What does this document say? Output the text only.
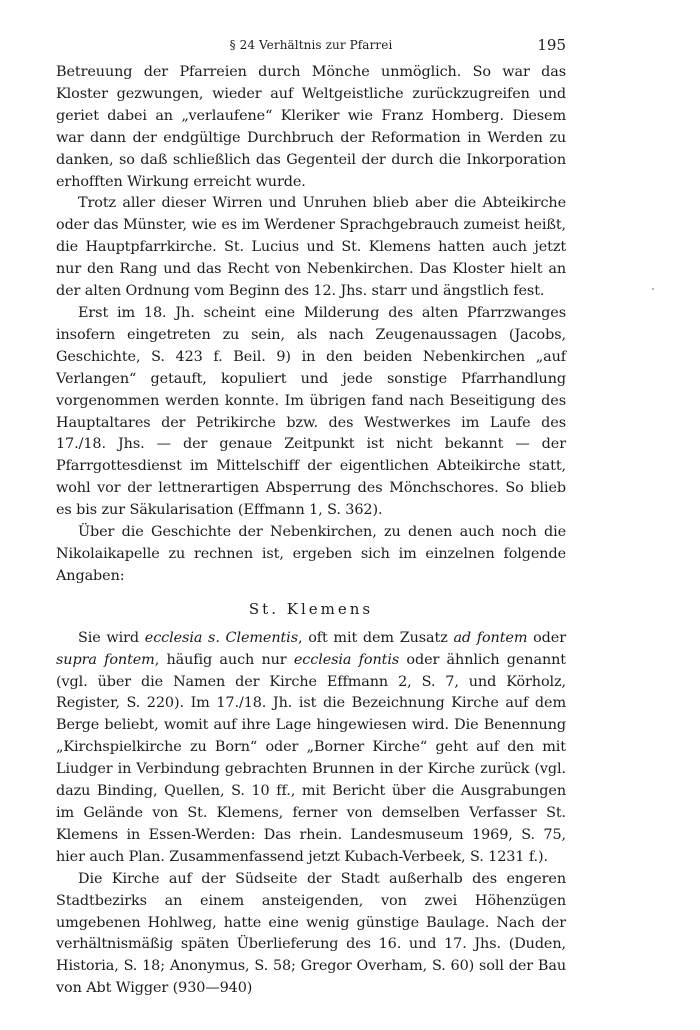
§ 24 Verhältnis zur Pfarrei	195

Betreuung der Pfarreien durch Mönche unmöglich. So war das Kloster gezwungen, wieder auf Weltgeistliche zurückzugreifen und geriet dabei an „verlaufene“ Kleriker wie Franz Homberg. Diesem war dann der endgültige Durchbruch der Reformation in Werden zu danken, so daß schließlich das Gegenteil der durch die Inkorporation erhofften Wirkung erreicht wurde.

Trotz aller dieser Wirren und Unruhen blieb aber die Abteikirche oder das Münster, wie es im Werdener Sprachgebrauch zumeist heißt, die Hauptpfarrkirche. St. Lucius und St. Klemens hatten auch jetzt nur den Rang und das Recht von Nebenkirchen. Das Kloster hielt an der alten Ordnung vom Beginn des 12. Jhs. starr und ängstlich fest.

Erst im 18. Jh. scheint eine Milderung des alten Pfarrzwanges insofern eingetreten zu sein, als nach Zeugenaussagen (Jacobs, Geschichte, S. 423 f. Beil. 9) in den beiden Nebenkirchen „auf Verlangen“ getauft, kopuliert und jede sonstige Pfarrhandlung vorgenommen werden konnte. Im übrigen fand nach Beseitigung des Hauptaltares der Petrikirche bzw. des Westwerkes im Laufe des 17./18. Jhs. — der genaue Zeitpunkt ist nicht bekannt — der Pfarrgottesdienst im Mittelschiff der eigentlichen Abteikirche statt, wohl vor der lettnerartigen Absperrung des Mönchschores. So blieb es bis zur Säkularisation (Effmann 1, S. 362).

Über die Geschichte der Nebenkirchen, zu denen auch noch die Nikolaikapelle zu rechnen ist, ergeben sich im einzelnen folgende Angaben:

St. Klemens

Sie wird ecclesia s. Clementis, oft mit dem Zusatz ad fontem oder supra fontem, häufig auch nur ecclesia fontis oder ähnlich genannt (vgl. über die Namen der Kirche Effmann 2, S. 7, und Körholz, Register, S. 220). Im 17./18. Jh. ist die Bezeichnung Kirche auf dem Berge beliebt, womit auf ihre Lage hingewiesen wird. Die Benennung „Kirchspielkirche zu Born“ oder „Borner Kirche“ geht auf den mit Liudger in Verbindung gebrachten Brunnen in der Kirche zurück (vgl. dazu Binding, Quellen, S. 10 ff., mit Bericht über die Ausgrabungen im Gelände von St. Klemens, ferner von demselben Verfasser St. Klemens in Essen-Werden: Das rhein. Landesmuseum 1969, S. 75, hier auch Plan. Zusammenfassend jetzt Kubach-Verbeek, S. 1231 f.).

Die Kirche auf der Südseite der Stadt außerhalb des engeren Stadtbezirks an einem ansteigenden, von zwei Höhenzügen umgebenen Hohlweg, hatte eine wenig günstige Baulage. Nach der verhältnismäßig späten Überlieferung des 16. und 17. Jhs. (Duden, Historia, S. 18; Anonymus, S. 58; Gregor Overham, S. 60) soll der Bau von Abt Wigger (930—940)
